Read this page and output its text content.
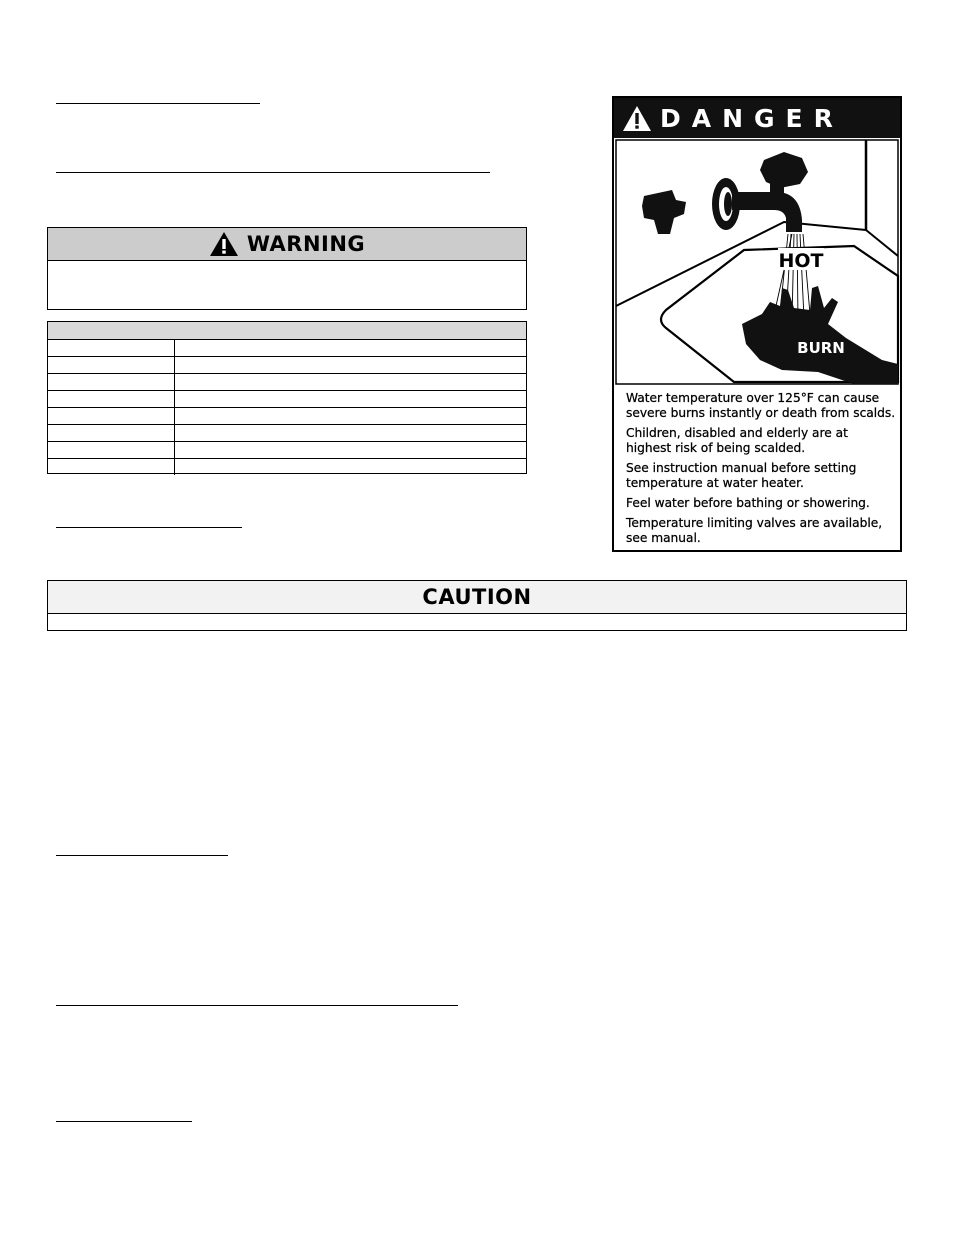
WARNING
CAUTION
DANGER
HOT
BURN
Water temperature over 125°F can cause severe burns instantly or death from scalds.
Children, disabled and elderly are at highest risk of being scalded.
See instruction manual before setting temperature at water heater.
Feel water before bathing or showering.
Temperature limiting valves are available, see manual.
